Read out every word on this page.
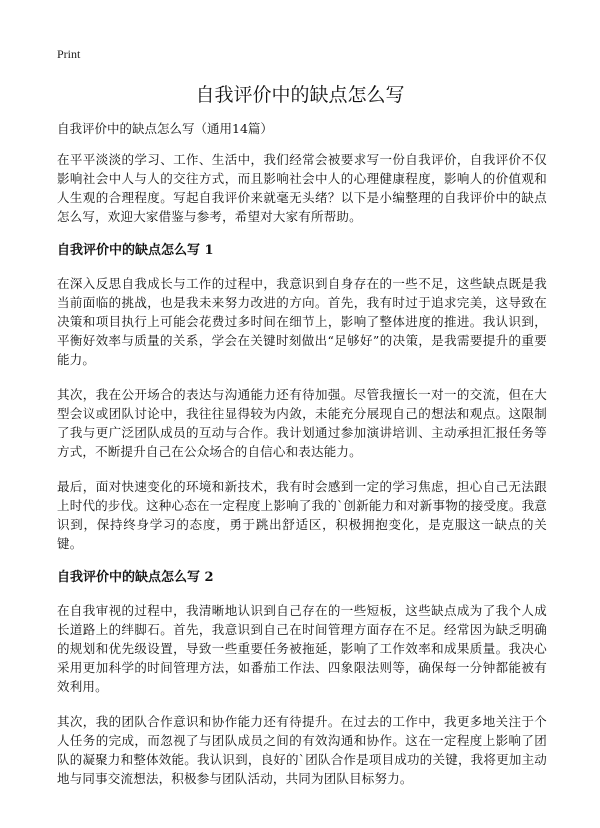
Print
自我评价中的缺点怎么写

自我评价中的缺点怎么写（通用14篇）

在平平淡淡的学习、工作、生活中，我们经常会被要求写一份自我评价，自我评价不仅影响社会中人与人的交往方式，而且影响社会中人的心理健康程度，影响人的价值观和人生观的合理程度。写起自我评价来就毫无头绪？以下是小编整理的自我评价中的缺点怎么写，欢迎大家借鉴与参考，希望对大家有所帮助。

自我评价中的缺点怎么写 1

在深入反思自我成长与工作的过程中，我意识到自身存在的一些不足，这些缺点既是我当前面临的挑战，也是我未来努力改进的方向。首先，我有时过于追求完美，这导致在决策和项目执行上可能会花费过多时间在细节上，影响了整体进度的推进。我认识到，平衡好效率与质量的关系，学会在关键时刻做出“足够好”的决策，是我需要提升的重要能力。

其次，我在公开场合的表达与沟通能力还有待加强。尽管我擅长一对一的交流，但在大型会议或团队讨论中，我往往显得较为内敛，未能充分展现自己的想法和观点。这限制了我与更广泛团队成员的互动与合作。我计划通过参加演讲培训、主动承担汇报任务等方式，不断提升自己在公众场合的自信心和表达能力。

最后，面对快速变化的环境和新技术，我有时会感到一定的学习焦虑，担心自己无法跟上时代的步伐。这种心态在一定程度上影响了我的`创新能力和对新事物的接受度。我意识到，保持终身学习的态度，勇于跳出舒适区，积极拥抱变化，是克服这一缺点的关键。

自我评价中的缺点怎么写 2

在自我审视的过程中，我清晰地认识到自己存在的一些短板，这些缺点成为了我个人成长道路上的绊脚石。首先，我意识到自己在时间管理方面存在不足。经常因为缺乏明确的规划和优先级设置，导致一些重要任务被拖延，影响了工作效率和成果质量。我决心采用更加科学的时间管理方法，如番茄工作法、四象限法则等，确保每一分钟都能被有效利用。

其次，我的团队合作意识和协作能力还有待提升。在过去的工作中，我更多地关注于个人任务的完成，而忽视了与团队成员之间的有效沟通和协作。这在一定程度上影响了团队的凝聚力和整体效能。我认识到，良好的`团队合作是项目成功的关键，我将更加主动地与同事交流想法，积极参与团队活动，共同为团队目标努力。
